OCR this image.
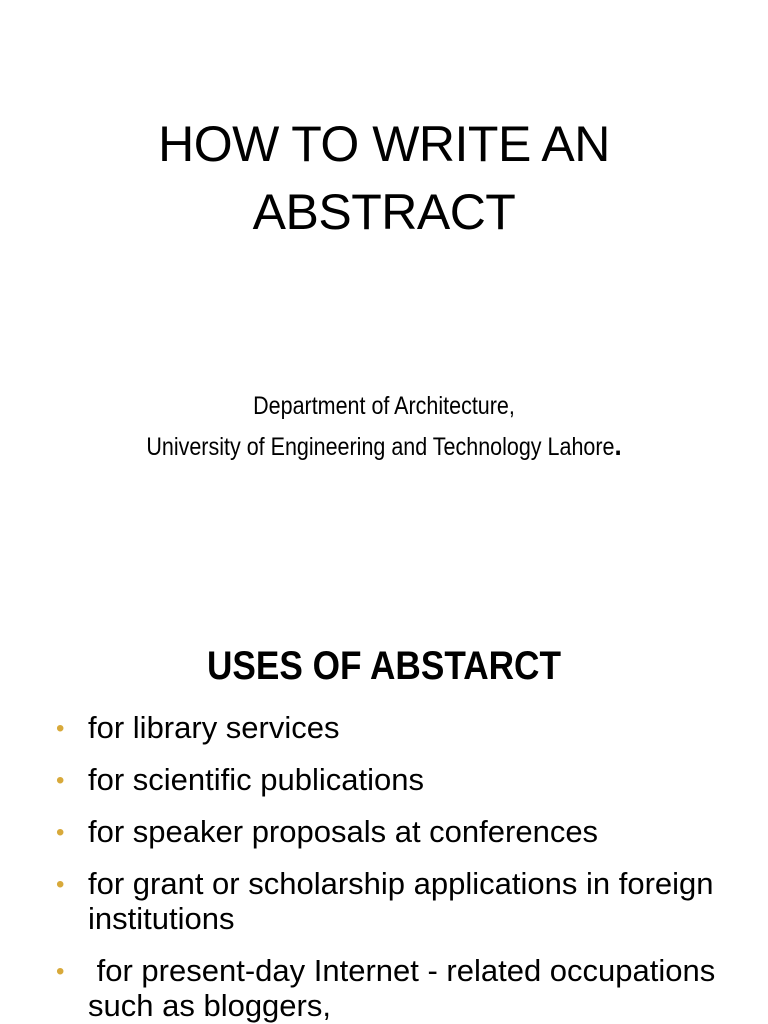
HOW TO WRITE AN
ABSTRACT

Department of Architecture,
University of Engineering and Technology Lahore.

USES OF ABSTARCT
• for library services
• for scientific publications
• for speaker proposals at conferences
• for grant or scholarship applications in foreign institutions
• for present-day Internet - related occupations such as bloggers,
